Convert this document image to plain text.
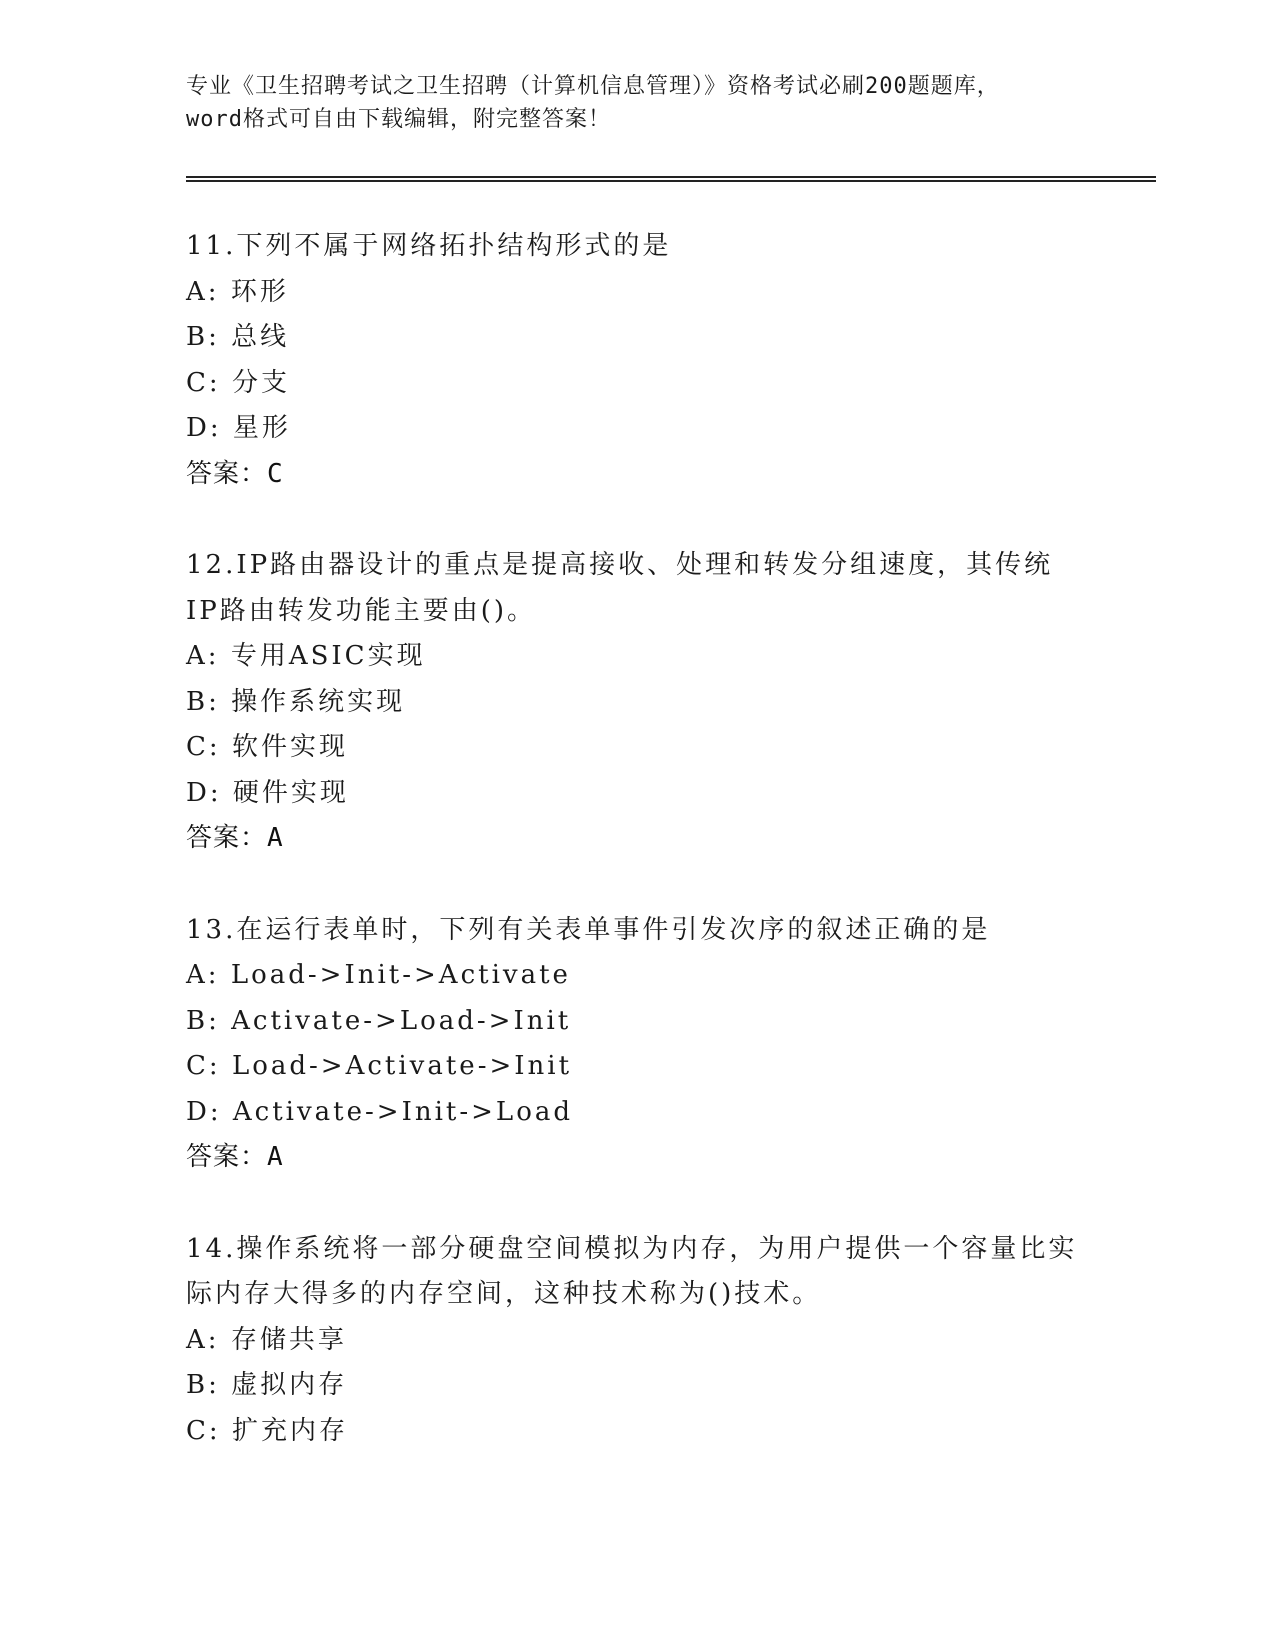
专业《卫生招聘考试之卫生招聘（计算机信息管理）》资格考试必刷200题题库，
word格式可自由下载编辑，附完整答案！
11.下列不属于网络拓扑结构形式的是
A: 环形
B: 总线
C: 分支
D: 星形
答案：C
12.IP路由器设计的重点是提高接收、处理和转发分组速度，其传统
IP路由转发功能主要由()。
A: 专用ASIC实现
B: 操作系统实现
C: 软件实现
D: 硬件实现
答案：A
13.在运行表单时，下列有关表单事件引发次序的叙述正确的是
A: Load->Init->Activate
B: Activate->Load->Init
C: Load->Activate->Init
D: Activate->Init->Load
答案：A
14.操作系统将一部分硬盘空间模拟为内存，为用户提供一个容量比实
际内存大得多的内存空间，这种技术称为()技术。
A: 存储共享
B: 虚拟内存
C: 扩充内存
